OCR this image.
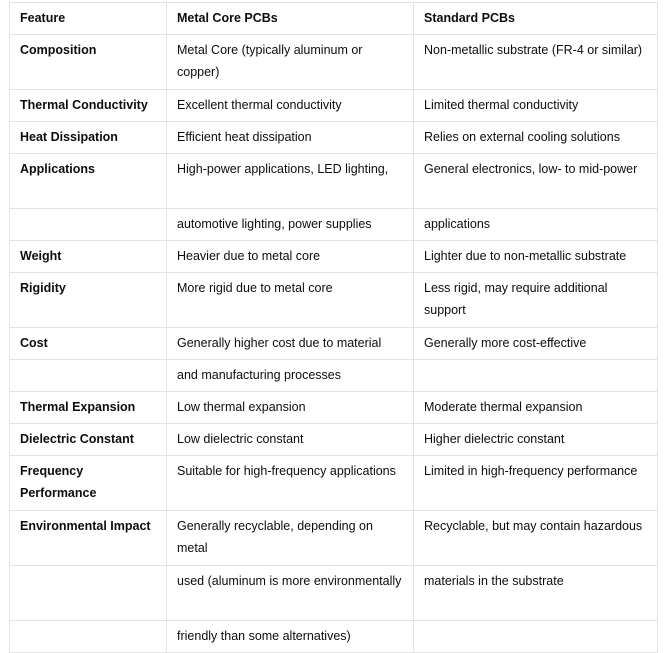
Feature	Metal Core PCBs	Standard PCBs
Composition	Metal Core (typically aluminum or copper)	Non-metallic substrate (FR-4 or similar)
Thermal Conductivity	Excellent thermal conductivity	Limited thermal conductivity
Heat Dissipation	Efficient heat dissipation	Relies on external cooling solutions
Applications	High-power applications, LED lighting,	General electronics, low- to mid-power
	automotive lighting, power supplies	applications
Weight	Heavier due to metal core	Lighter due to non-metallic substrate
Rigidity	More rigid due to metal core	Less rigid, may require additional support
Cost	Generally higher cost due to material	Generally more cost-effective
	and manufacturing processes	
Thermal Expansion	Low thermal expansion	Moderate thermal expansion
Dielectric Constant	Low dielectric constant	Higher dielectric constant
Frequency Performance	Suitable for high-frequency applications	Limited in high-frequency performance
Environmental Impact	Generally recyclable, depending on metal	Recyclable, but may contain hazardous
	used (aluminum is more environmentally	materials in the substrate
	friendly than some alternatives)	
